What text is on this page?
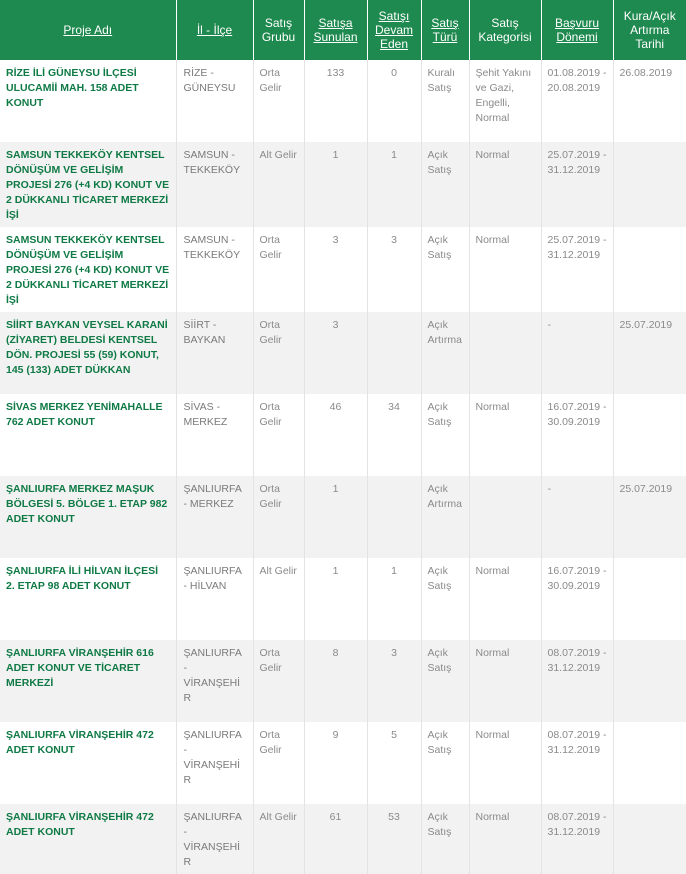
Proje Adı	İl - İlçe	Satış Grubu	Satışa Sunulan	Satışı Devam Eden	Satış Türü	Satış Kategorisi	Başvuru Dönemi	Kura/Açık Artırma Tarihi
RİZE İLİ GÜNEYSU İLÇESİ ULUCAMİİ MAH. 158 ADET KONUT	RİZE - GÜNEYSU	Orta Gelir	133	0	Kuralı Satış	Şehit Yakını ve Gazi, Engelli, Normal	01.08.2019 - 20.08.2019	26.08.2019
SAMSUN TEKKEKÖY KENTSEL DÖNÜŞÜM VE GELİŞİM PROJESİ 276 (+4 KD) KONUT VE 2 DÜKKANLI TİCARET MERKEZİ İŞİ	SAMSUN - TEKKEKÖY	Alt Gelir	1	1	Açık Satış	Normal	25.07.2019 - 31.12.2019	
SAMSUN TEKKEKÖY KENTSEL DÖNÜŞÜM VE GELİŞİM PROJESİ 276 (+4 KD) KONUT VE 2 DÜKKANLI TİCARET MERKEZİ İŞİ	SAMSUN - TEKKEKÖY	Orta Gelir	3	3	Açık Satış	Normal	25.07.2019 - 31.12.2019	
SİİRT BAYKAN VEYSEL KARANİ (ZİYARET) BELDESİ KENTSEL DÖN. PROJESİ 55 (59) KONUT, 145 (133) ADET DÜKKAN	SİİRT - BAYKAN	Orta Gelir	3		Açık Artırma		-	25.07.2019
SİVAS MERKEZ YENİMAHALLE 762 ADET KONUT	SİVAS - MERKEZ	Orta Gelir	46	34	Açık Satış	Normal	16.07.2019 - 30.09.2019	
ŞANLIURFA MERKEZ MAŞUK BÖLGESİ 5. BÖLGE 1. ETAP 982 ADET KONUT	ŞANLIURFA - MERKEZ	Orta Gelir	1		Açık Artırma		-	25.07.2019
ŞANLIURFA İLİ HİLVAN İLÇESİ 2. ETAP 98 ADET KONUT	ŞANLIURFA - HİLVAN	Alt Gelir	1	1	Açık Satış	Normal	16.07.2019 - 30.09.2019	
ŞANLIURFA VİRANŞEHİR 616 ADET KONUT VE TİCARET MERKEZİ	ŞANLIURFA - VİRANŞEHİR	Orta Gelir	8	3	Açık Satış	Normal	08.07.2019 - 31.12.2019	
ŞANLIURFA VİRANŞEHİR 472 ADET KONUT	ŞANLIURFA - VİRANŞEHİR	Orta Gelir	9	5	Açık Satış	Normal	08.07.2019 - 31.12.2019	
ŞANLIURFA VİRANŞEHİR 472 ADET KONUT	ŞANLIURFA - VİRANŞEHİR	Alt Gelir	61	53	Açık Satış	Normal	08.07.2019 - 31.12.2019	
